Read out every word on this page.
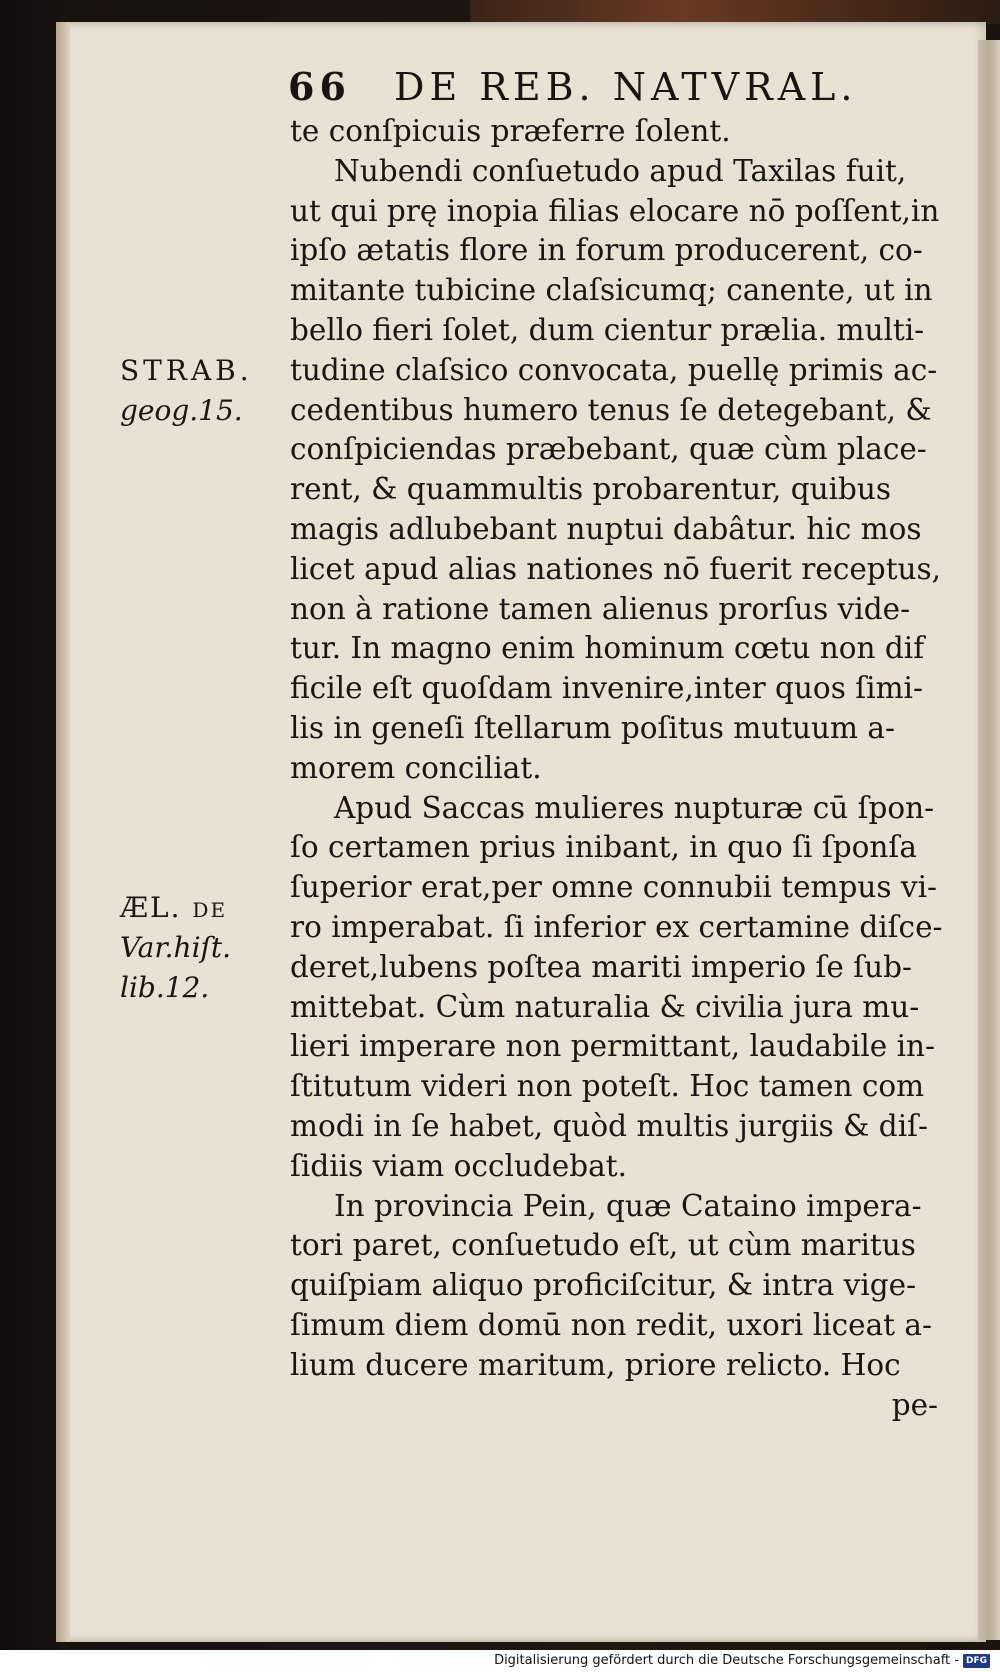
66 DE REB. NATVRAL.
STRAB.
geog.15.
ÆL. de
Var.hiſt.
lib.12.
te conſpicuis præferre ſolent.
Nubendi conſuetudo apud Taxilas fuit,
ut qui prę inopia filias elocare nō poſſent,in
ipſo ætatis flore in forum producerent, co-
mitante tubicine claſsicumq; canente, ut in
bello fieri ſolet, dum cientur prælia. multi-
tudine claſsico convocata, puellę primis ac-
cedentibus humero tenus ſe detegebant, &
conſpiciendas præbebant, quæ cùm place-
rent, & quammultis probarentur, quibus
magis adlubebant nuptui dabâtur. hic mos
licet apud alias nationes nō fuerit receptus,
non à ratione tamen alienus prorſus vide-
tur. In magno enim hominum cœtu non dif
ficile eſt quoſdam invenire,inter quos ſimi-
lis in geneſi ſtellarum poſitus mutuum a-
morem conciliat.
Apud Saccas mulieres nupturæ cū ſpon-
ſo certamen prius inibant, in quo ſi ſponſa
ſuperior erat,per omne connubii tempus vi-
ro imperabat. ſi inferior ex certamine diſce-
deret,lubens poſtea mariti imperio ſe ſub-
mittebat. Cùm naturalia & civilia jura mu-
lieri imperare non permittant, laudabile in-
ſtitutum videri non poteſt. Hoc tamen com
modi in ſe habet, quòd multis jurgiis & diſ-
ſidiis viam occludebat.
In provincia Pein, quæ Cataino impera-
tori paret, conſuetudo eſt, ut cùm maritus
quiſpiam aliquo proficiſcitur, & intra vige-
ſimum diem domū non redit, uxori liceat a-
lium ducere maritum, priore relicto. Hoc
pe-
Digitalisierung gefördert durch die Deutsche Forschungsgemeinschaft - DFG
